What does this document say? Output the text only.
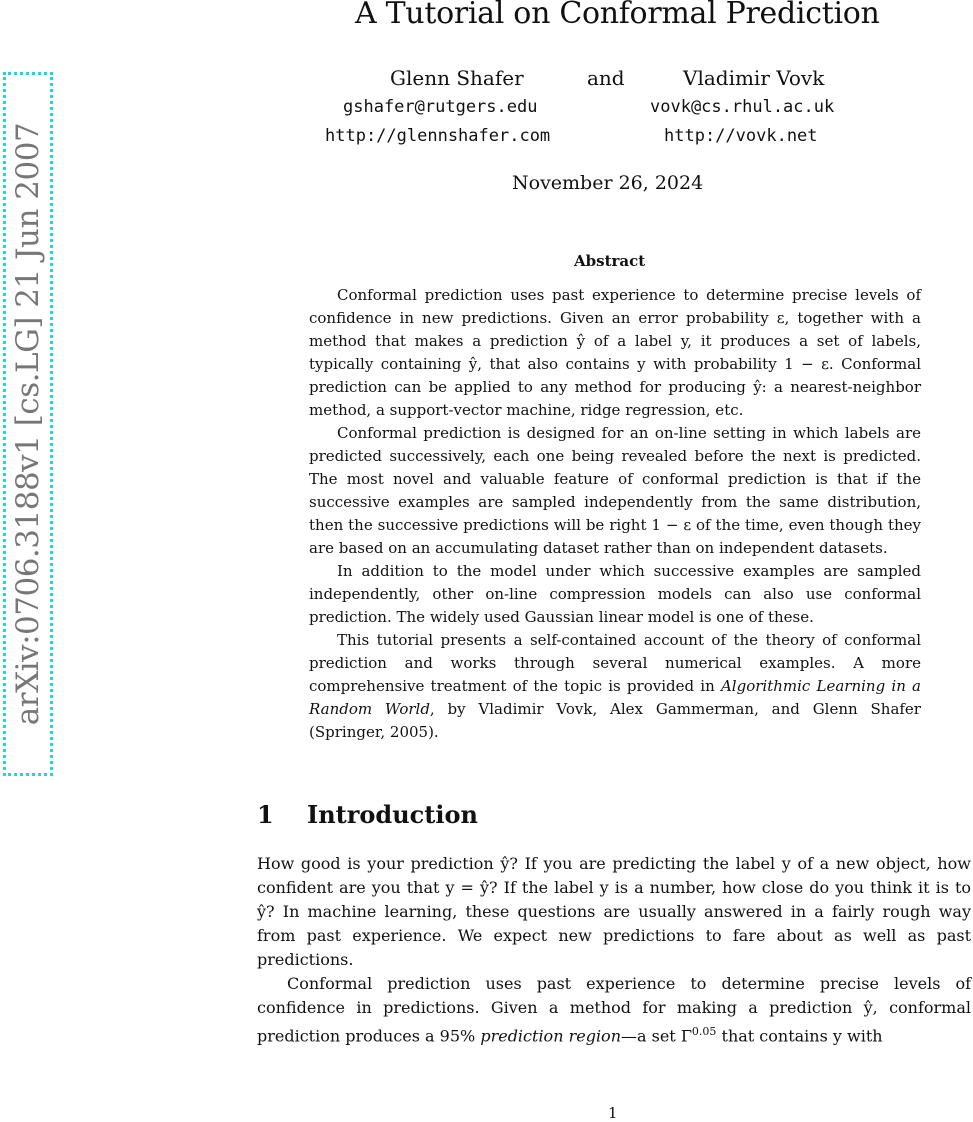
arXiv:0706.3188v1 [cs.LG] 21 Jun 2007
A Tutorial on Conformal Prediction
Glenn Shafer	and	Vladimir Vovk
gshafer@rutgers.edu	vovk@cs.rhul.ac.uk
http://glennshafer.com	http://vovk.net
November 26, 2024
Abstract

Conformal prediction uses past experience to determine precise levels of confidence in new predictions. Given an error probability ε, together with a method that makes a prediction ŷ of a label y, it produces a set of labels, typically containing ŷ, that also contains y with probability 1 − ε. Conformal prediction can be applied to any method for producing ŷ: a nearest-neighbor method, a support-vector machine, ridge regression, etc.

Conformal prediction is designed for an on-line setting in which labels are predicted successively, each one being revealed before the next is predicted. The most novel and valuable feature of conformal prediction is that if the successive examples are sampled independently from the same distribution, then the successive predictions will be right 1 − ε of the time, even though they are based on an accumulating dataset rather than on independent datasets.

In addition to the model under which successive examples are sampled independently, other on-line compression models can also use conformal prediction. The widely used Gaussian linear model is one of these.

This tutorial presents a self-contained account of the theory of conformal prediction and works through several numerical examples. A more comprehensive treatment of the topic is provided in Algorithmic Learning in a Random World, by Vladimir Vovk, Alex Gammerman, and Glenn Shafer (Springer, 2005).

1 Introduction

How good is your prediction ŷ? If you are predicting the label y of a new object, how confident are you that y = ŷ? If the label y is a number, how close do you think it is to ŷ? In machine learning, these questions are usually answered in a fairly rough way from past experience. We expect new predictions to fare about as well as past predictions.

Conformal prediction uses past experience to determine precise levels of confidence in predictions. Given a method for making a prediction ŷ, conformal prediction produces a 95% prediction region—a set $\Gamma^{0.05}$ that contains y with

1
